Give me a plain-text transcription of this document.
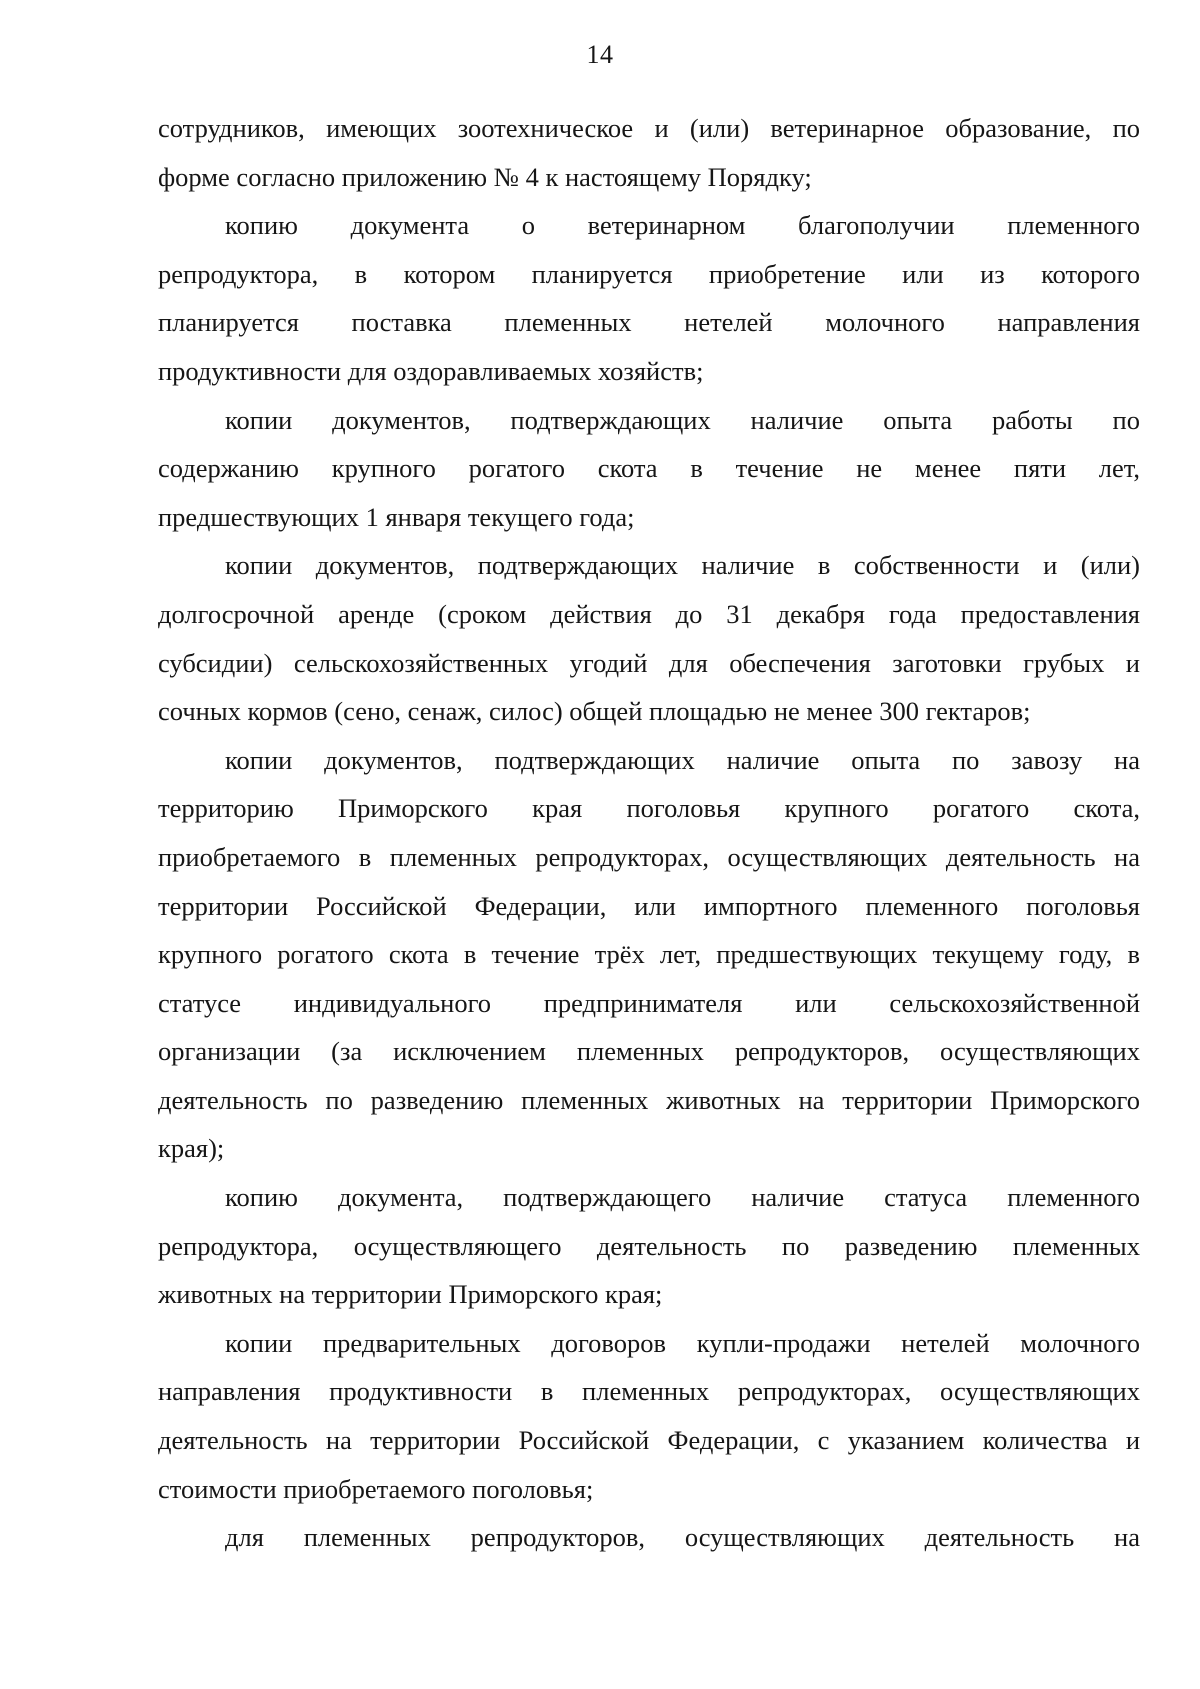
14
сотрудников, имеющих зоотехническое и (или) ветеринарное образование, по
форме согласно приложению № 4 к настоящему Порядку;
копию документа о ветеринарном благополучии племенного
репродуктора, в котором планируется приобретение или из которого
планируется поставка племенных нетелей молочного направления
продуктивности для оздоравливаемых хозяйств;
копии документов, подтверждающих наличие опыта работы по
содержанию крупного рогатого скота в течение не менее пяти лет,
предшествующих 1 января текущего года;
копии документов, подтверждающих наличие в собственности и (или)
долгосрочной аренде (сроком действия до 31 декабря года предоставления
субсидии) сельскохозяйственных угодий для обеспечения заготовки грубых и
сочных кормов (сено, сенаж, силос) общей площадью не менее 300 гектаров;
копии документов, подтверждающих наличие опыта по завозу на
территорию Приморского края поголовья крупного рогатого скота,
приобретаемого в племенных репродукторах, осуществляющих деятельность на
территории Российской Федерации, или импортного племенного поголовья
крупного рогатого скота в течение трёх лет, предшествующих текущему году, в
статусе индивидуального предпринимателя или сельскохозяйственной
организации (за исключением племенных репродукторов, осуществляющих
деятельность по разведению племенных животных на территории Приморского
края);
копию документа, подтверждающего наличие статуса племенного
репродуктора, осуществляющего деятельность по разведению племенных
животных на территории Приморского края;
копии предварительных договоров купли-продажи нетелей молочного
направления продуктивности в племенных репродукторах, осуществляющих
деятельность на территории Российской Федерации, с указанием количества и
стоимости приобретаемого поголовья;
для племенных репродукторов, осуществляющих деятельность на
